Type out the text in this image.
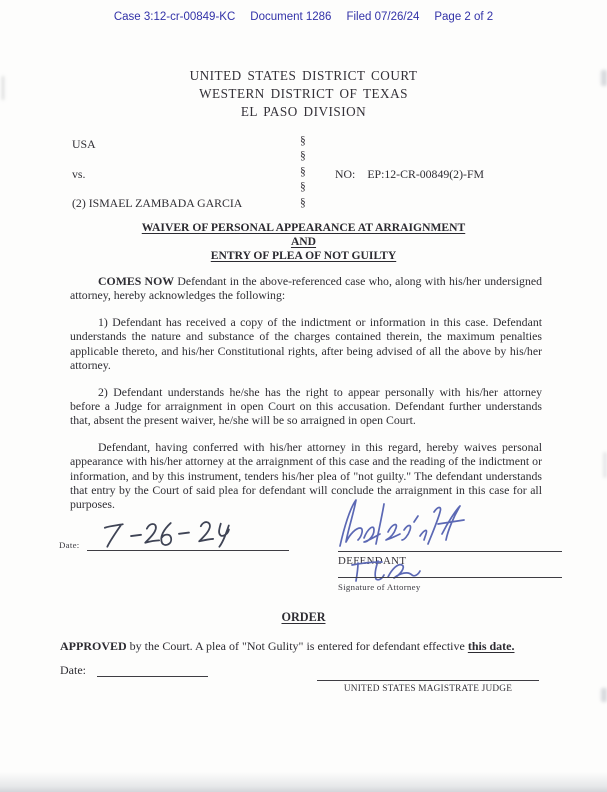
Case 3:12-cr-00849-KC Document 1286 Filed 07/26/24 Page 2 of 2
UNITED STATES DISTRICT COURT
WESTERN DISTRICT OF TEXAS
EL PASO DIVISION
USA
vs.
(2) ISMAEL ZAMBADA GARCIA
§
§
§
§
§
NO: EP:12-CR-00849(2)-FM
WAIVER OF PERSONAL APPEARANCE AT ARRAIGNMENT
AND
ENTRY OF PLEA OF NOT GUILTY

COMES NOW Defendant in the above-referenced case who, along with his/her undersigned attorney, hereby acknowledges the following:

1) Defendant has received a copy of the indictment or information in this case. Defendant understands the nature and substance of the charges contained therein, the maximum penalties applicable thereto, and his/her Constitutional rights, after being advised of all the above by his/her attorney.

2) Defendant understands he/she has the right to appear personally with his/her attorney before a Judge for arraignment in open Court on this accusation. Defendant further understands that, absent the present waiver, he/she will be so arraigned in open Court.

Defendant, having conferred with his/her attorney in this regard, hereby waives personal appearance with his/her attorney at the arraignment of this case and the reading of the indictment or information, and by this instrument, tenders his/her plea of "not guilty." The defendant understands that entry by the Court of said plea for defendant will conclude the arraignment in this case for all purposes.

Date:
DEFENDANT
Signature of Attorney
ORDER
APPROVED by the Court. A plea of "Not Gulity" is entered for defendant effective this date.
Date:
UNITED STATES MAGISTRATE JUDGE
